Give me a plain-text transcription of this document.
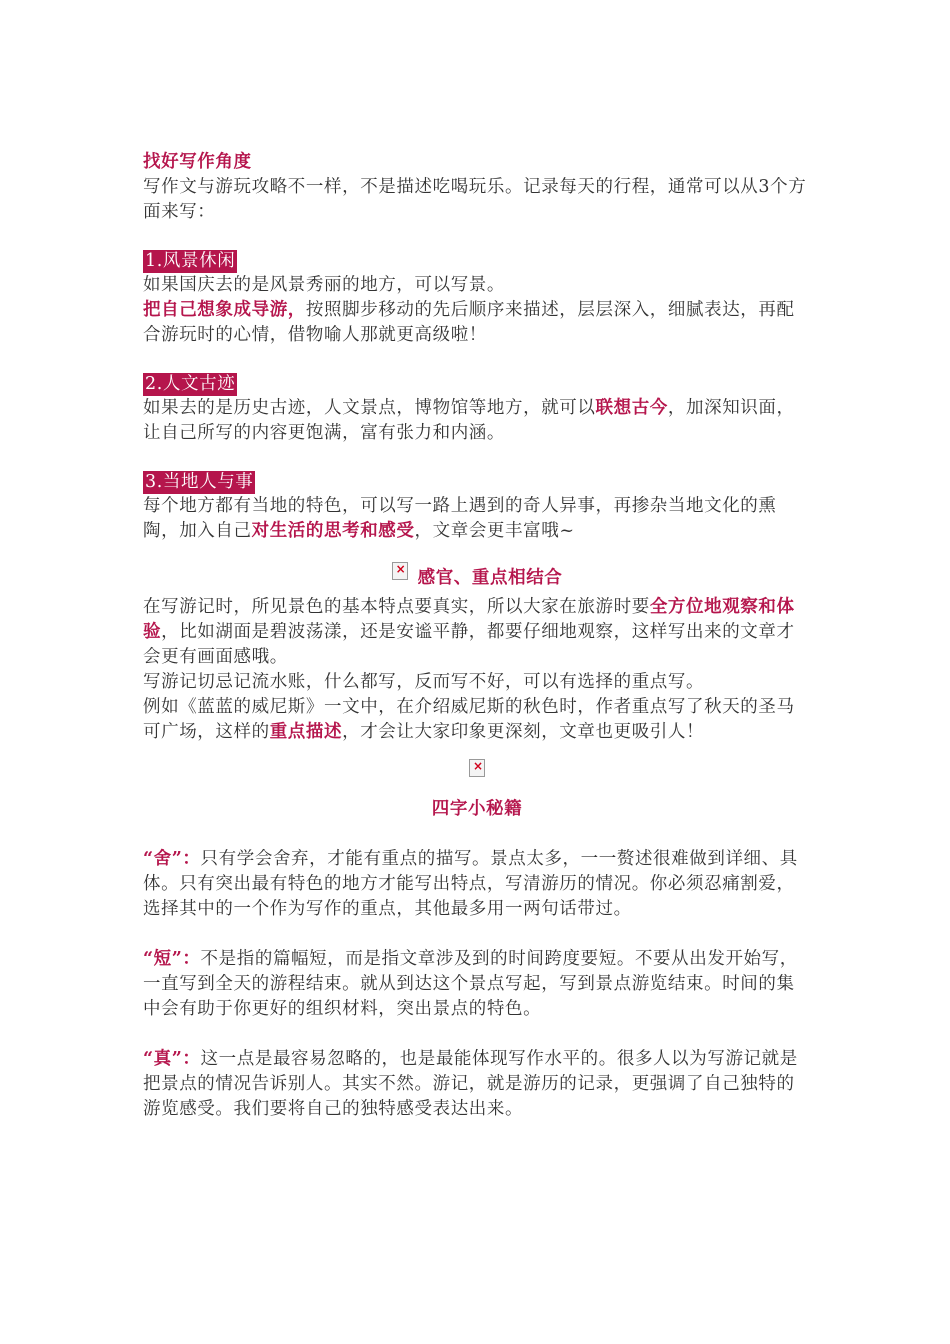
找好写作角度

写作文与游玩攻略不一样，不是描述吃喝玩乐。记录每天的行程，通常可以从3个方面来写：

1.风景休闲

如果国庆去的是风景秀丽的地方，可以写景。

把自己想象成导游，按照脚步移动的先后顺序来描述，层层深入，细腻表达，再配合游玩时的心情，借物喻人那就更高级啦！

2.人文古迹

如果去的是历史古迹，人文景点，博物馆等地方，就可以联想古今，加深知识面，让自己所写的内容更饱满，富有张力和内涵。

3.当地人与事

每个地方都有当地的特色，可以写一路上遇到的奇人异事，再掺杂当地文化的熏陶，加入自己对生活的思考和感受，文章会更丰富哦~

×感官、重点相结合

在写游记时，所见景色的基本特点要真实，所以大家在旅游时要全方位地观察和体验，比如湖面是碧波荡漾，还是安谧平静，都要仔细地观察，这样写出来的文章才会更有画面感哦。

写游记切忌记流水账，什么都写，反而写不好，可以有选择的重点写。

例如《蓝蓝的威尼斯》一文中，在介绍威尼斯的秋色时，作者重点写了秋天的圣马可广场，这样的重点描述，才会让大家印象更深刻，文章也更吸引人！

×

四字小秘籍

“舍”：只有学会舍弃，才能有重点的描写。景点太多，一一赘述很难做到详细、具体。只有突出最有特色的地方才能写出特点，写清游历的情况。你必须忍痛割爱，选择其中的一个作为写作的重点，其他最多用一两句话带过。

“短”：不是指的篇幅短，而是指文章涉及到的时间跨度要短。不要从出发开始写，一直写到全天的游程结束。就从到达这个景点写起，写到景点游览结束。时间的集中会有助于你更好的组织材料，突出景点的特色。

“真”：这一点是最容易忽略的，也是最能体现写作水平的。很多人以为写游记就是把景点的情况告诉别人。其实不然。游记，就是游历的记录，更强调了自己独特的游览感受。我们要将自己的独特感受表达出来。
